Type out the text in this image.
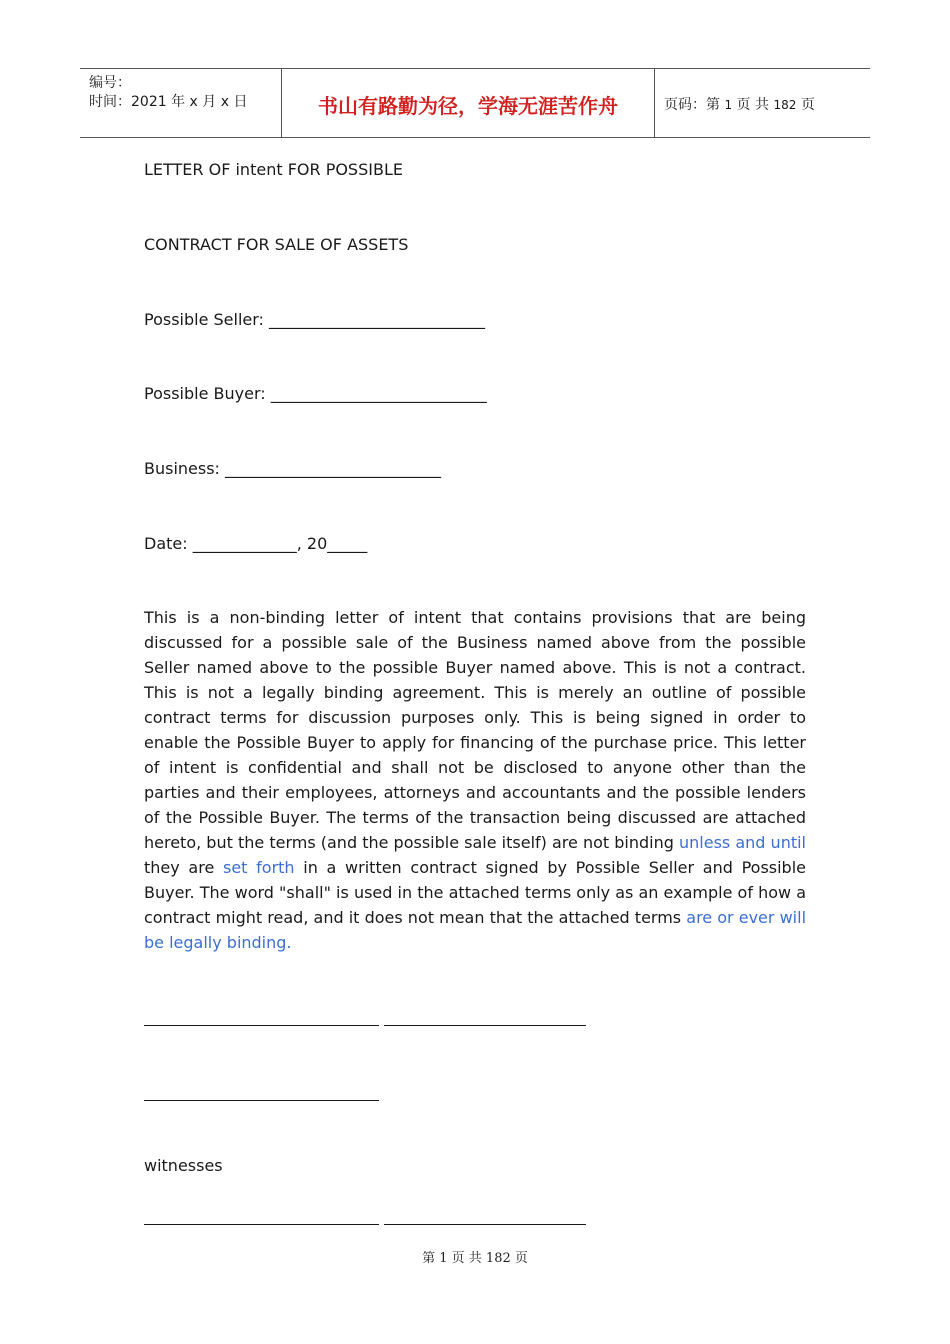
编号：
时间：2021 年 x 月 x 日	书山有路勤为径，学海无涯苦作舟	页码：第 1 页 共 182 页
LETTER OF intent FOR POSSIBLE
CONTRACT FOR SALE OF ASSETS
Possible Seller: ___________________________
Possible Buyer: ___________________________
Business: ___________________________
Date: _____________, 20_____
This is a non-binding letter of intent that contains provisions that are being discussed for a possible sale of the Business named above from the possible Seller named above to the possible Buyer named above. This is not a contract. This is not a legally binding agreement. This is merely an outline of possible contract terms for discussion purposes only. This is being signed in order to enable the Possible Buyer to apply for financing of the purchase price. This letter of intent is confidential and shall not be disclosed to anyone other than the parties and their employees, attorneys and accountants and the possible lenders of the Possible Buyer. The terms of the transaction being discussed are attached hereto, but the terms (and the possible sale itself) are not binding unless and until they are set forth in a written contract signed by Possible Seller and Possible Buyer. The word "shall" is used in the attached terms only as an example of how a contract might read, and it does not mean that the attached terms are or ever will be legally binding.
witnesses
第 1 页 共 182 页
